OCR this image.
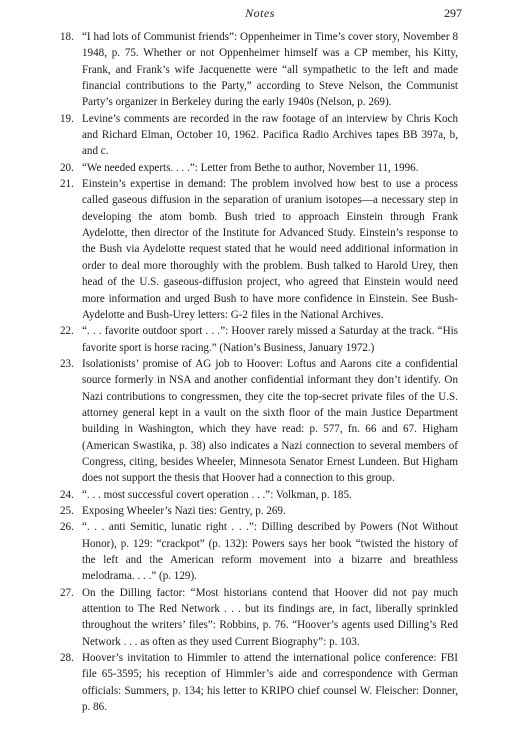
Notes	297

18. “I had lots of Communist friends”: Oppenheimer in Time’s cover story, November 8 1948, p. 75. Whether or not Oppenheimer himself was a CP member, his Kitty, Frank, and Frank’s wife Jacquenette were “all sympathetic to the left and made financial contributions to the Party,” according to Steve Nelson, the Communist Party’s organizer in Berkeley during the early 1940s (Nelson, p. 269).

19. Levine’s comments are recorded in the raw footage of an interview by Chris Koch and Richard Elman, October 10, 1962. Pacifica Radio Archives tapes BB 397a, b, and c.

20. “We needed experts. . . .”: Letter from Bethe to author, November 11, 1996.

21. Einstein’s expertise in demand: The problem involved how best to use a process called gaseous diffusion in the separation of uranium isotopes—a necessary step in developing the atom bomb. Bush tried to approach Einstein through Frank Aydelotte, then director of the Institute for Advanced Study. Einstein’s response to the Bush via Aydelotte request stated that he would need additional information in order to deal more thoroughly with the problem. Bush talked to Harold Urey, then head of the U.S. gaseous-diffusion project, who agreed that Einstein would need more information and urged Bush to have more confidence in Einstein. See Bush-Aydelotte and Bush-Urey letters: G-2 files in the National Archives.

22. “. . . favorite outdoor sport . . .”: Hoover rarely missed a Saturday at the track. “His favorite sport is horse racing.” (Nation’s Business, January 1972.)

23. Isolationists’ promise of AG job to Hoover: Loftus and Aarons cite a confidential source formerly in NSA and another confidential informant they don’t identify. On Nazi contributions to congressmen, they cite the top-secret private files of the U.S. attorney general kept in a vault on the sixth floor of the main Justice Department building in Washington, which they have read: p. 577, fn. 66 and 67. Higham (American Swastika, p. 38) also indicates a Nazi connection to several members of Congress, citing, besides Wheeler, Minnesota Senator Ernest Lundeen. But Higham does not support the thesis that Hoover had a connection to this group.

24. “. . . most successful covert operation . . .”: Volkman, p. 185.

25. Exposing Wheeler’s Nazi ties: Gentry, p. 269.

26. “. . . anti Semitic, lunatic right . . .”: Dilling described by Powers (Not Without Honor), p. 129: “crackpot” (p. 132): Powers says her book “twisted the history of the left and the American reform movement into a bizarre and breathless melodrama. . . .” (p. 129).

27. On the Dilling factor: “Most historians contend that Hoover did not pay much attention to The Red Network . . . but its findings are, in fact, liberally sprinkled throughout the writers’ files”: Robbins, p. 76. “Hoover’s agents used Dilling’s Red Network . . . as often as they used Current Biography”: p. 103.

28. Hoover’s invitation to Himmler to attend the international police conference: FBI file 65-3595; his reception of Himmler’s aide and correspondence with German officials: Summers, p. 134; his letter to KRIPO chief counsel W. Fleischer: Donner, p. 86.
